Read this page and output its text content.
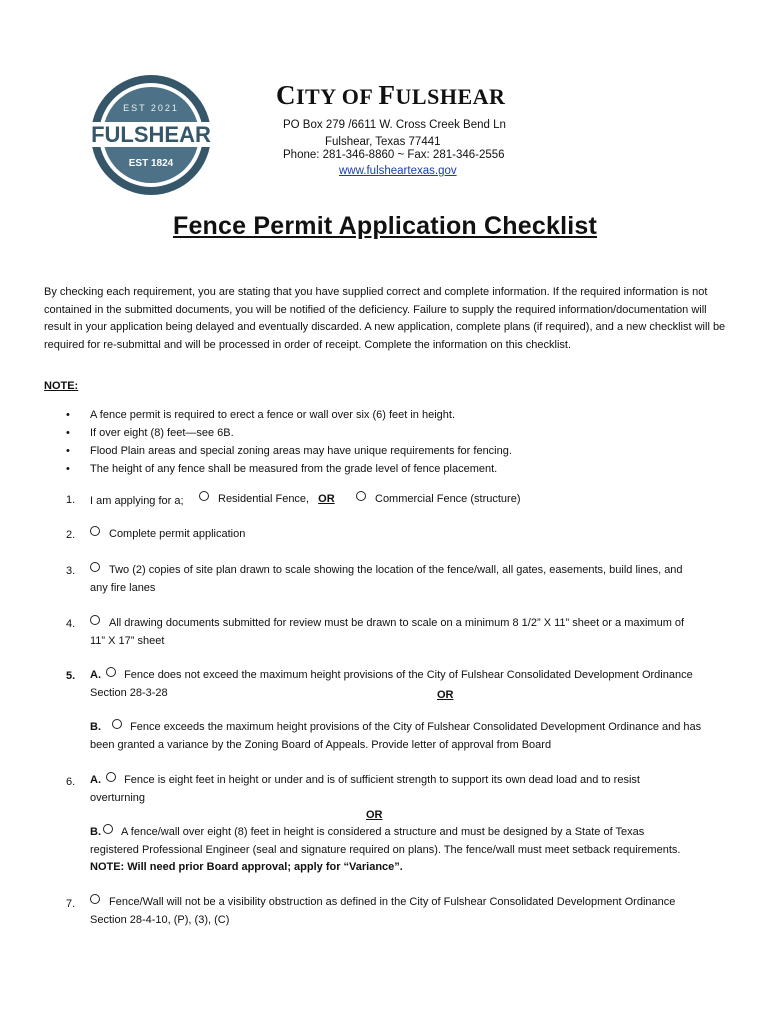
EST 2021
FULSHEAR
EST 1824
CITY OF FULSHEAR
PO Box 279 /6611 W. Cross Creek Bend Ln
Fulshear, Texas 77441
Phone: 281-346-8860 ~ Fax: 281-346-2556
www.fulsheartexas.gov
Fence Permit Application Checklist
By checking each requirement, you are stating that you have supplied correct and complete information. If the required information is not contained in the submitted documents, you will be notified of the deficiency. Failure to supply the required information/documentation will result in your application being delayed and eventually discarded. A new application, complete plans (if required), and a new checklist will be required for re-submittal and will be processed in order of receipt. Complete the information on this checklist.
NOTE:
• A fence permit is required to erect a fence or wall over six (6) feet in height.
• If over eight (8) feet—see 6B.
• Flood Plain areas and special zoning areas may have unique requirements for fencing.
• The height of any fence shall be measured from the grade level of fence placement.
1. I am applying for a;	Residential Fence, OR	Commercial Fence (structure)
2.	Complete permit application
3.	Two (2) copies of site plan drawn to scale showing the location of the fence/wall, all gates, easements, build lines, and
any fire lanes
4.	All drawing documents submitted for review must be drawn to scale on a minimum 8 1/2” X 11” sheet or a maximum of
11” X 17” sheet
5. A. Fence does not exceed the maximum height provisions of the City of Fulshear Consolidated Development Ordinance
Section 28-3-28	OR
B.	Fence exceeds the maximum height provisions of the City of Fulshear Consolidated Development Ordinance and has
been granted a variance by the Zoning Board of Appeals. Provide letter of approval from Board
6. A. Fence is eight feet in height or under and is of sufficient strength to support its own dead load and to resist
overturning
OR
B. A fence/wall over eight (8) feet in height is considered a structure and must be designed by a State of Texas
registered Professional Engineer (seal and signature required on plans). The fence/wall must meet setback requirements.
NOTE: Will need prior Board approval; apply for “Variance”.
7.	Fence/Wall will not be a visibility obstruction as defined in the City of Fulshear Consolidated Development Ordinance
Section 28-4-10, (P), (3), (C)
